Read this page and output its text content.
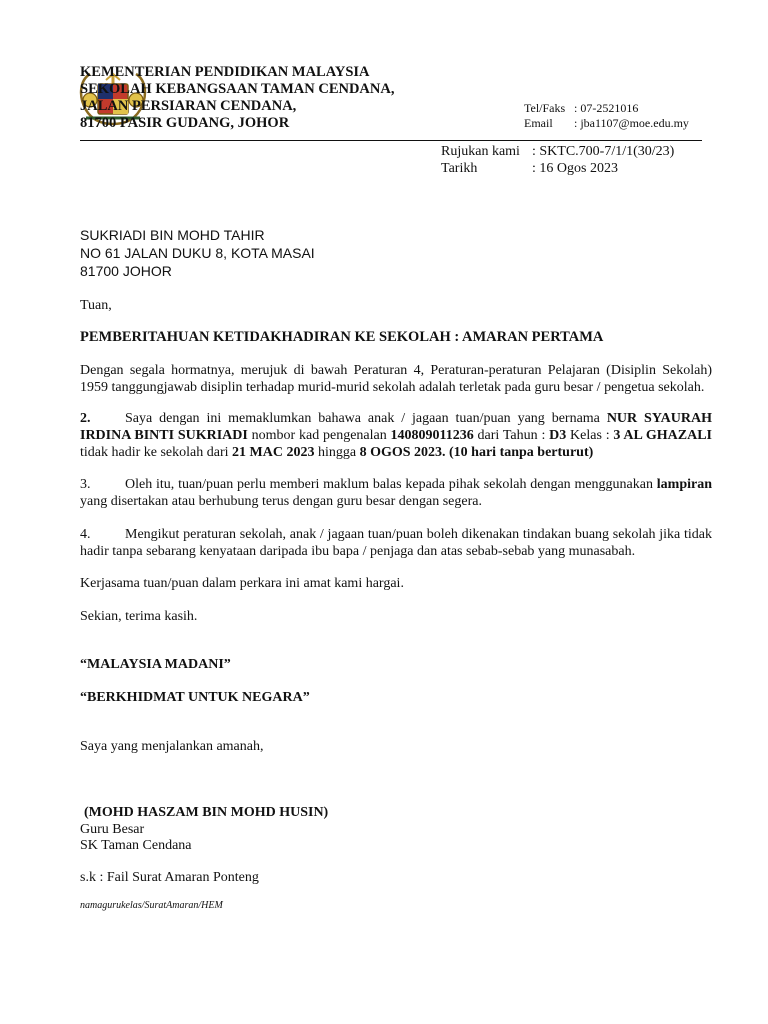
KEMENTERIAN PENDIDIKAN MALAYSIA
SEKOLAH KEBANGSAAN TAMAN CENDANA,
JALAN PERSIARAN CENDANA,
81700 PASIR GUDANG, JOHOR
Tel/Faks : 07-2521016
Email : jba1107@moe.edu.my
Rujukan kami : SKTC.700-7/1/1(30/23)
Tarikh	: 16 Ogos 2023
SUKRIADI BIN MOHD TAHIR
NO 61 JALAN DUKU 8, KOTA MASAI
81700 JOHOR
Tuan,
PEMBERITAHUAN KETIDAKHADIRAN KE SEKOLAH : AMARAN PERTAMA
Dengan segala hormatnya, merujuk di bawah Peraturan 4, Peraturan-peraturan Pelajaran (Disiplin Sekolah) 1959 tanggungjawab disiplin terhadap murid-murid sekolah adalah terletak pada guru besar / pengetua sekolah.
2. Saya dengan ini memaklumkan bahawa anak / jagaan tuan/puan yang bernama NUR SYAURAH IRDINA BINTI SUKRIADI nombor kad pengenalan 140809011236 dari Tahun : D3 Kelas : 3 AL GHAZALI tidak hadir ke sekolah dari 21 MAC 2023 hingga 8 OGOS 2023. (10 hari tanpa berturut)
3. Oleh itu, tuan/puan perlu memberi maklum balas kepada pihak sekolah dengan menggunakan lampiran yang disertakan atau berhubung terus dengan guru besar dengan segera.
4. Mengikut peraturan sekolah, anak / jagaan tuan/puan boleh dikenakan tindakan buang sekolah jika tidak hadir tanpa sebarang kenyataan daripada ibu bapa / penjaga dan atas sebab-sebab yang munasabah.
Kerjasama tuan/puan dalam perkara ini amat kami hargai.
Sekian, terima kasih.
“MALAYSIA MADANI”
“BERKHIDMAT UNTUK NEGARA”
Saya yang menjalankan amanah,
(MOHD HASZAM BIN MOHD HUSIN)
Guru Besar
SK Taman Cendana
s.k : Fail Surat Amaran Ponteng
namagurukelas/SuratAmaran/HEM
